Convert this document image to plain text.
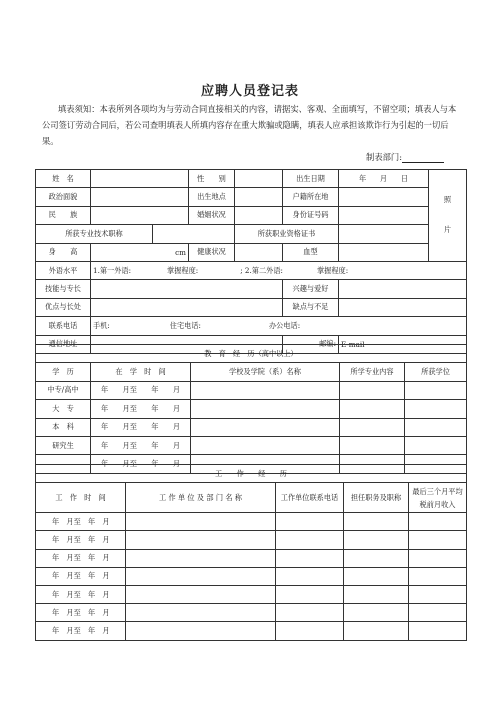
应聘人员登记表
填表须知：本表所列各项均为与劳动合同直接相关的内容，请据实、客观、全面填写，不留空项；填表人与本公司签订劳动合同后，若公司查明填表人所填内容存在重大欺骗或隐瞒，填表人应承担该欺诈行为引起的一切后果。
制表部门:
姓　名			性　　别		出生日期	年 月 日	照
片

政治面貌			出生地点		户籍所在地		
民　　族			婚姻状况		身份证号码		
所获专业技术职称				所获职业资格证书			
身　　高	cm		健康状况		血型		
外语水平	1.第一外语: 掌握程度: ; 2.第二外语: 掌握程度:						
技能与专长					兴趣与爱好		
优点与长处					缺点与不足		
联系电话	手机: 住宅电话: 办公电话:						
通信地址					邮编:	E-mail	
教　育　经　历（高中以上）				
学　历	在　学　时　间	学校及学院（系）名称	所学专业内容	所获学位
中专/高中	年　　月至　　年　　月			
大　专	年　　月至　　年　　月			
本　科	年　　月至　　年　　月			
研究生	年　　月至　　年　　月			
	年　　月至　　年　　月			
工　　作　　经　　历				
工　作　时　间	工 作 单 位 及 部 门 名 称	工作单位联系电话	担任职务及职称	最后三个月平均
税前月收入

年　月至　年　月				
年　月至　年　月				
年　月至　年　月				
年　月至　年　月				
年　月至　年　月				
年　月至　年　月				
年　月至　年　月				
